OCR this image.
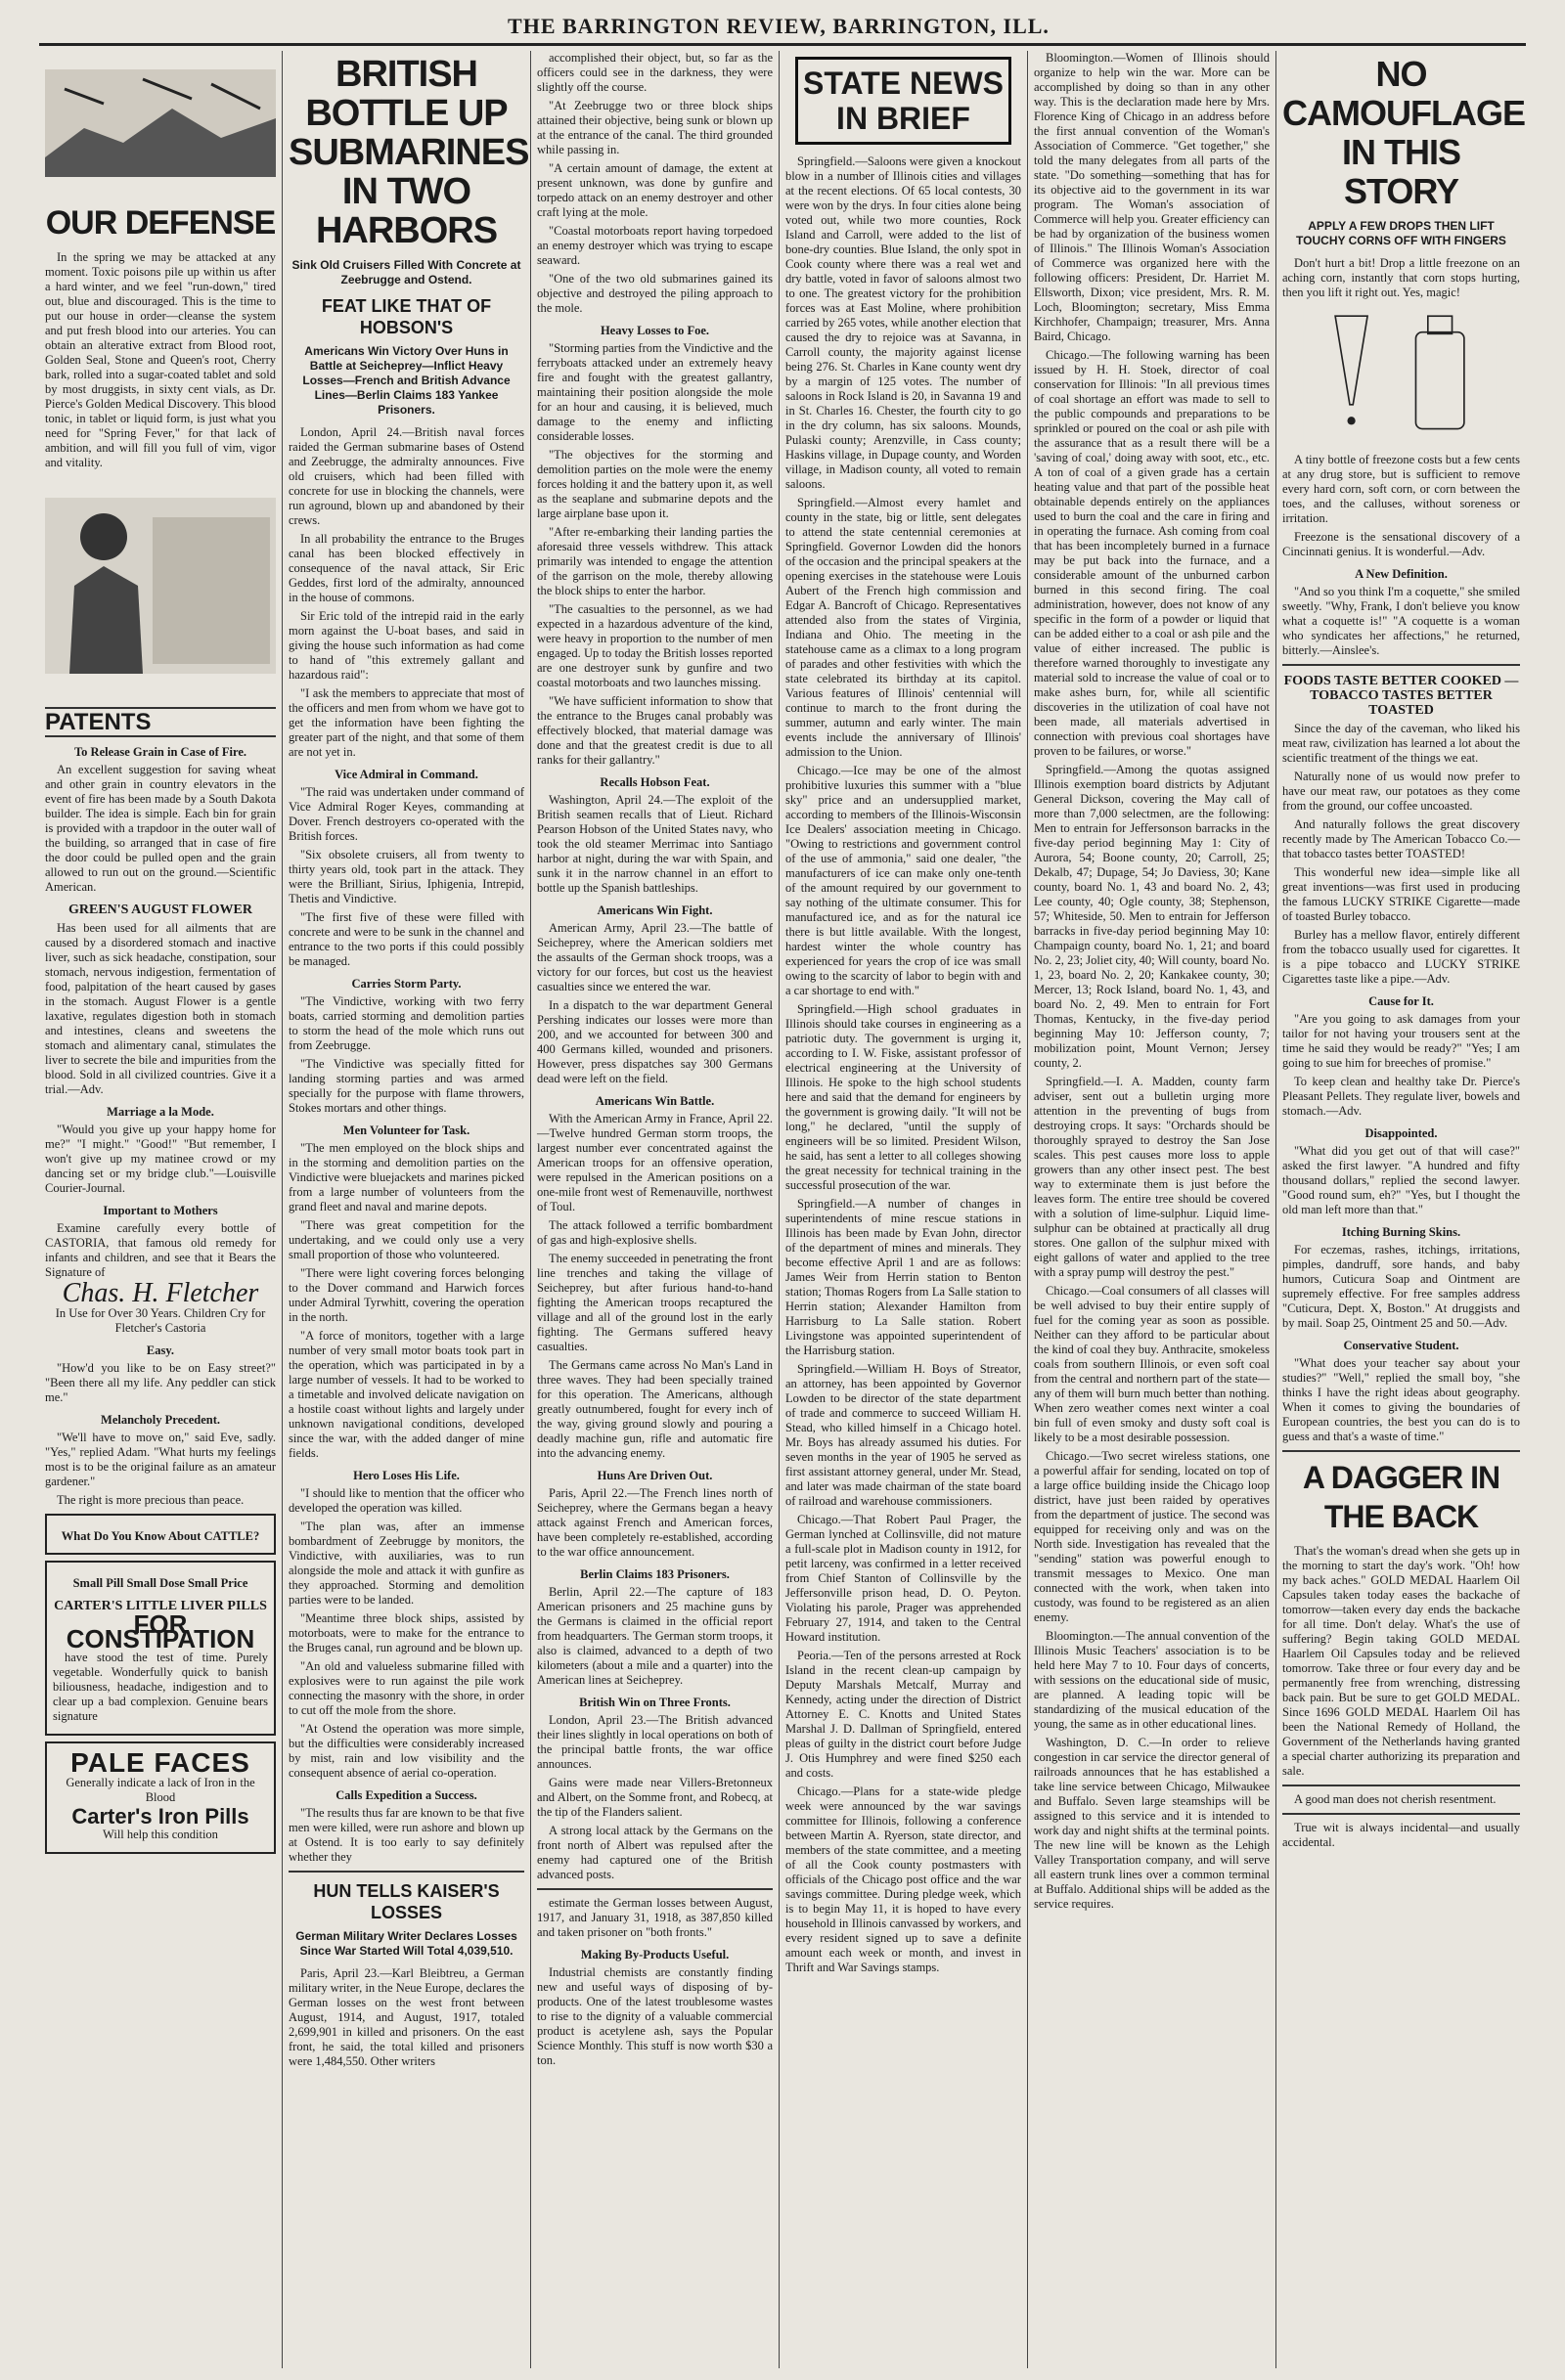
THE BARRINGTON REVIEW, BARRINGTON, ILL.
OUR DEFENSE

In the spring we may be attacked at any moment. Toxic poisons pile up within us after a hard winter, and we feel "run-down," tired out, blue and discouraged. This is the time to put our house in order—cleanse the system and put fresh blood into our arteries. You can obtain an alterative extract from Blood root, Golden Seal, Stone and Queen's root, Cherry bark, rolled into a sugar-coated tablet and sold by most druggists, in sixty cent vials, as Dr. Pierce's Golden Medical Discovery. This blood tonic, in tablet or liquid form, is just what you need for "Spring Fever," for that lack of ambition, and will fill you full of vim, vigor and vitality.

PATENTS
To Release Grain in Case of Fire.

An excellent suggestion for saving wheat and other grain in country elevators in the event of fire has been made by a South Dakota builder. The idea is simple. Each bin for grain is provided with a trapdoor in the outer wall of the building, so arranged that in case of fire the door could be pulled open and the grain allowed to run out on the ground.—Scientific American.

GREEN'S AUGUST FLOWER

Has been used for all ailments that are caused by a disordered stomach and inactive liver, such as sick headache, constipation, sour stomach, nervous indigestion, fermentation of food, palpitation of the heart caused by gases in the stomach. August Flower is a gentle laxative, regulates digestion both in stomach and intestines, cleans and sweetens the stomach and alimentary canal, stimulates the liver to secrete the bile and impurities from the blood. Sold in all civilized countries. Give it a trial.—Adv.

Marriage a la Mode.

"Would you give up your happy home for me?" "I might." "Good!" "But remember, I won't give up my matinee crowd or my dancing set or my bridge club."—Louisville Courier-Journal.

Important to Mothers

Examine carefully every bottle of CASTORIA, that famous old remedy for infants and children, and see that it Bears the Signature of

Chas. H. Fletcher

In Use for Over 30 Years. Children Cry for Fletcher's Castoria

Easy.

"How'd you like to be on Easy street?" "Been there all my life. Any peddler can stick me."

Melancholy Precedent.

"We'll have to move on," said Eve, sadly. "Yes," replied Adam. "What hurts my feelings most is to be the original failure as an amateur gardener."

The right is more precious than peace.

What Do You Know About CATTLE?
Small Pill Small Dose Small Price
CARTER'S LITTLE LIVER PILLS
FOR CONSTIPATION

have stood the test of time. Purely vegetable. Wonderfully quick to banish biliousness, headache, indigestion and to clear up a bad complexion. Genuine bears signature

PALE FACES

Generally indicate a lack of Iron in the Blood

Carter's Iron Pills

Will help this condition

BRITISH BOTTLE UP SUBMARINES IN TWO HARBORS
Sink Old Cruisers Filled With Concrete at Zeebrugge and Ostend.
FEAT LIKE THAT OF HOBSON'S
Americans Win Victory Over Huns in Battle at Seicheprey—Inflict Heavy Losses—French and British Advance Lines—Berlin Claims 183 Yankee Prisoners.

London, April 24.—British naval forces raided the German submarine bases of Ostend and Zeebrugge, the admiralty announces. Five old cruisers, which had been filled with concrete for use in blocking the channels, were run aground, blown up and abandoned by their crews.

In all probability the entrance to the Bruges canal has been blocked effectively in consequence of the naval attack, Sir Eric Geddes, first lord of the admiralty, announced in the house of commons.

Sir Eric told of the intrepid raid in the early morn against the U-boat bases, and said in giving the house such information as had come to hand of "this extremely gallant and hazardous raid":

"I ask the members to appreciate that most of the officers and men from whom we have got to get the information have been fighting the greater part of the night, and that some of them are not yet in.

Vice Admiral in Command.

"The raid was undertaken under command of Vice Admiral Roger Keyes, commanding at Dover. French destroyers co-operated with the British forces.

"Six obsolete cruisers, all from twenty to thirty years old, took part in the attack. They were the Brilliant, Sirius, Iphigenia, Intrepid, Thetis and Vindictive.

"The first five of these were filled with concrete and were to be sunk in the channel and entrance to the two ports if this could possibly be managed.

Carries Storm Party.

"The Vindictive, working with two ferry boats, carried storming and demolition parties to storm the head of the mole which runs out from Zeebrugge.

"The Vindictive was specially fitted for landing storming parties and was armed specially for the purpose with flame throwers, Stokes mortars and other things.

Men Volunteer for Task.

"The men employed on the block ships and in the storming and demolition parties on the Vindictive were bluejackets and marines picked from a large number of volunteers from the grand fleet and naval and marine depots.

"There was great competition for the undertaking, and we could only use a very small proportion of those who volunteered.

"There were light covering forces belonging to the Dover command and Harwich forces under Admiral Tyrwhitt, covering the operation in the north.

"A force of monitors, together with a large number of very small motor boats took part in the operation, which was participated in by a large number of vessels. It had to be worked to a timetable and involved delicate navigation on a hostile coast without lights and largely under unknown navigational conditions, developed since the war, with the added danger of mine fields.

Hero Loses His Life.

"I should like to mention that the officer who developed the operation was killed.

"The plan was, after an immense bombardment of Zeebrugge by monitors, the Vindictive, with auxiliaries, was to run alongside the mole and attack it with gunfire as they approached. Storming and demolition parties were to be landed.

"Meantime three block ships, assisted by motorboats, were to make for the entrance to the Bruges canal, run aground and be blown up.

"An old and valueless submarine filled with explosives were to run against the pile work connecting the masonry with the shore, in order to cut off the mole from the shore.

"At Ostend the operation was more simple, but the difficulties were considerably increased by mist, rain and low visibility and the consequent absence of aerial co-operation.

Calls Expedition a Success.

"The results thus far are known to be that five men were killed, were run ashore and blown up at Ostend. It is too early to say definitely whether they

HUN TELLS KAISER'S LOSSES
German Military Writer Declares Losses Since War Started Will Total 4,039,510.

Paris, April 23.—Karl Bleibtreu, a German military writer, in the Neue Europe, declares the German losses on the west front between August, 1914, and August, 1917, totaled 2,699,901 in killed and prisoners. On the east front, he said, the total killed and prisoners were 1,484,550. Other writers

accomplished their object, but, so far as the officers could see in the darkness, they were slightly off the course.

"At Zeebrugge two or three block ships attained their objective, being sunk or blown up at the entrance of the canal. The third grounded while passing in.

"A certain amount of damage, the extent at present unknown, was done by gunfire and torpedo attack on an enemy destroyer and other craft lying at the mole.

"Coastal motorboats report having torpedoed an enemy destroyer which was trying to escape seaward.

"One of the two old submarines gained its objective and destroyed the piling approach to the mole.

Heavy Losses to Foe.

"Storming parties from the Vindictive and the ferryboats attacked under an extremely heavy fire and fought with the greatest gallantry, maintaining their position alongside the mole for an hour and causing, it is believed, much damage to the enemy and inflicting considerable losses.

"The objectives for the storming and demolition parties on the mole were the enemy forces holding it and the battery upon it, as well as the seaplane and submarine depots and the large airplane base upon it.

"After re-embarking their landing parties the aforesaid three vessels withdrew. This attack primarily was intended to engage the attention of the garrison on the mole, thereby allowing the block ships to enter the harbor.

"The casualties to the personnel, as we had expected in a hazardous adventure of the kind, were heavy in proportion to the number of men engaged. Up to today the British losses reported are one destroyer sunk by gunfire and two coastal motorboats and two launches missing.

"We have sufficient information to show that the entrance to the Bruges canal probably was effectively blocked, that material damage was done and that the greatest credit is due to all ranks for their gallantry."

Recalls Hobson Feat.

Washington, April 24.—The exploit of the British seamen recalls that of Lieut. Richard Pearson Hobson of the United States navy, who took the old steamer Merrimac into Santiago harbor at night, during the war with Spain, and sunk it in the narrow channel in an effort to bottle up the Spanish battleships.

Americans Win Fight.

American Army, April 23.—The battle of Seicheprey, where the American soldiers met the assaults of the German shock troops, was a victory for our forces, but cost us the heaviest casualties since we entered the war.

In a dispatch to the war department General Pershing indicates our losses were more than 200, and we accounted for between 300 and 400 Germans killed, wounded and prisoners. However, press dispatches say 300 Germans dead were left on the field.

Americans Win Battle.

With the American Army in France, April 22.—Twelve hundred German storm troops, the largest number ever concentrated against the American troops for an offensive operation, were repulsed in the American positions on a one-mile front west of Remenauville, northwest of Toul.

The attack followed a terrific bombardment of gas and high-explosive shells.

The enemy succeeded in penetrating the front line trenches and taking the village of Seicheprey, but after furious hand-to-hand fighting the American troops recaptured the village and all of the ground lost in the early fighting. The Germans suffered heavy casualties.

The Germans came across No Man's Land in three waves. They had been specially trained for this operation. The Americans, although greatly outnumbered, fought for every inch of the way, giving ground slowly and pouring a deadly machine gun, rifle and automatic fire into the advancing enemy.

Huns Are Driven Out.

Paris, April 22.—The French lines north of Seicheprey, where the Germans began a heavy attack against French and American forces, have been completely re-established, according to the war office announcement.

Berlin Claims 183 Prisoners.

Berlin, April 22.—The capture of 183 American prisoners and 25 machine guns by the Germans is claimed in the official report from headquarters. The German storm troops, it also is claimed, advanced to a depth of two kilometers (about a mile and a quarter) into the American lines at Seicheprey.

British Win on Three Fronts.

London, April 23.—The British advanced their lines slightly in local operations on both of the principal battle fronts, the war office announces.

Gains were made near Villers-Bretonneux and Albert, on the Somme front, and Robecq, at the tip of the Flanders salient.

A strong local attack by the Germans on the front north of Albert was repulsed after the enemy had captured one of the British advanced posts.

estimate the German losses between August, 1917, and January 31, 1918, as 387,850 killed and taken prisoner on "both fronts."

Making By-Products Useful.

Industrial chemists are constantly finding new and useful ways of disposing of by-products. One of the latest troublesome wastes to rise to the dignity of a valuable commercial product is acetylene ash, says the Popular Science Monthly. This stuff is now worth $30 a ton.

STATE NEWS IN BRIEF

Springfield.—Saloons were given a knockout blow in a number of Illinois cities and villages at the recent elections. Of 65 local contests, 30 were won by the drys. In four cities alone being voted out, while two more counties, Rock Island and Carroll, were added to the list of bone-dry counties. Blue Island, the only spot in Cook county where there was a real wet and dry battle, voted in favor of saloons almost two to one. The greatest victory for the prohibition forces was at East Moline, where prohibition carried by 265 votes, while another election that caused the dry to rejoice was at Savanna, in Carroll county, the majority against license being 276. St. Charles in Kane county went dry by a margin of 125 votes. The number of saloons in Rock Island is 20, in Savanna 19 and in St. Charles 16. Chester, the fourth city to go in the dry column, has six saloons. Mounds, Pulaski county; Arenzville, in Cass county; Haskins village, in Dupage county, and Worden village, in Madison county, all voted to remain saloons.

Springfield.—Almost every hamlet and county in the state, big or little, sent delegates to attend the state centennial ceremonies at Springfield. Governor Lowden did the honors of the occasion and the principal speakers at the opening exercises in the statehouse were Louis Aubert of the French high commission and Edgar A. Bancroft of Chicago. Representatives attended also from the states of Virginia, Indiana and Ohio. The meeting in the statehouse came as a climax to a long program of parades and other festivities with which the state celebrated its birthday at its capitol. Various features of Illinois' centennial will continue to march to the front during the summer, autumn and early winter. The main events include the anniversary of Illinois' admission to the Union.

Chicago.—Ice may be one of the almost prohibitive luxuries this summer with a "blue sky" price and an undersupplied market, according to members of the Illinois-Wisconsin Ice Dealers' association meeting in Chicago. "Owing to restrictions and government control of the use of ammonia," said one dealer, "the manufacturers of ice can make only one-tenth of the amount required by our government to say nothing of the ultimate consumer. This for manufactured ice, and as for the natural ice there is but little available. With the longest, hardest winter the whole country has experienced for years the crop of ice was small owing to the scarcity of labor to begin with and a car shortage to end with."

Springfield.—High school graduates in Illinois should take courses in engineering as a patriotic duty. The government is urging it, according to I. W. Fiske, assistant professor of electrical engineering at the University of Illinois. He spoke to the high school students here and said that the demand for engineers by the government is growing daily. "It will not be long," he declared, "until the supply of engineers will be so limited. President Wilson, he said, has sent a letter to all colleges showing the great necessity for technical training in the successful prosecution of the war.

Springfield.—A number of changes in superintendents of mine rescue stations in Illinois has been made by Evan John, director of the department of mines and minerals. They become effective April 1 and are as follows: James Weir from Herrin station to Benton station; Thomas Rogers from La Salle station to Herrin station; Alexander Hamilton from Harrisburg to La Salle station. Robert Livingstone was appointed superintendent of the Harrisburg station.

Springfield.—William H. Boys of Streator, an attorney, has been appointed by Governor Lowden to be director of the state department of trade and commerce to succeed William H. Stead, who killed himself in a Chicago hotel. Mr. Boys has already assumed his duties. For seven months in the year of 1905 he served as first assistant attorney general, under Mr. Stead, and later was made chairman of the state board of railroad and warehouse commissioners.

Chicago.—That Robert Paul Prager, the German lynched at Collinsville, did not mature a full-scale plot in Madison county in 1912, for petit larceny, was confirmed in a letter received from Chief Stanton of Collinsville by the Jeffersonville prison head, D. O. Peyton. Violating his parole, Prager was apprehended February 27, 1914, and taken to the Central Howard institution.

Peoria.—Ten of the persons arrested at Rock Island in the recent clean-up campaign by Deputy Marshals Metcalf, Murray and Kennedy, acting under the direction of District Attorney E. C. Knotts and United States Marshal J. D. Dallman of Springfield, entered pleas of guilty in the district court before Judge J. Otis Humphrey and were fined $250 each and costs.

Chicago.—Plans for a state-wide pledge week were announced by the war savings committee for Illinois, following a conference between Martin A. Ryerson, state director, and members of the state committee, and a meeting of all the Cook county postmasters with officials of the Chicago post office and the war savings committee. During pledge week, which is to begin May 11, it is hoped to have every household in Illinois canvassed by workers, and every resident signed up to save a definite amount each week or month, and invest in Thrift and War Savings stamps.

Bloomington.—Women of Illinois should organize to help win the war. More can be accomplished by doing so than in any other way. This is the declaration made here by Mrs. Florence King of Chicago in an address before the first annual convention of the Woman's Association of Commerce. "Get together," she told the many delegates from all parts of the state. "Do something—something that has for its objective aid to the government in its war program. The Woman's association of Commerce will help you. Greater efficiency can be had by organization of the business women of Illinois." The Illinois Woman's Association of Commerce was organized here with the following officers: President, Dr. Harriet M. Ellsworth, Dixon; vice president, Mrs. R. M. Loch, Bloomington; secretary, Miss Emma Kirchhofer, Champaign; treasurer, Mrs. Anna Baird, Chicago.

Chicago.—The following warning has been issued by H. H. Stoek, director of coal conservation for Illinois: "In all previous times of coal shortage an effort was made to sell to the public compounds and preparations to be sprinkled or poured on the coal or ash pile with the assurance that as a result there will be a 'saving of coal,' doing away with soot, etc., etc. A ton of coal of a given grade has a certain heating value and that part of the possible heat obtainable depends entirely on the appliances used to burn the coal and the care in firing and in operating the furnace. Ash coming from coal that has been incompletely burned in a furnace may be put back into the furnace, and a considerable amount of the unburned carbon burned in this second firing. The coal administration, however, does not know of any specific in the form of a powder or liquid that can be added either to a coal or ash pile and the value of either increased. The public is therefore warned thoroughly to investigate any material sold to increase the value of coal or to make ashes burn, for, while all scientific discoveries in the utilization of coal have not been made, all materials advertised in connection with previous coal shortages have proven to be failures, or worse."

Springfield.—Among the quotas assigned Illinois exemption board districts by Adjutant General Dickson, covering the May call of more than 7,000 selectmen, are the following: Men to entrain for Jeffersonson barracks in the five-day period beginning May 1: City of Aurora, 54; Boone county, 20; Carroll, 25; Dekalb, 47; Dupage, 54; Jo Daviess, 30; Kane county, board No. 1, 43 and board No. 2, 43; Lee county, 40; Ogle county, 38; Stephenson, 57; Whiteside, 50. Men to entrain for Jefferson barracks in five-day period beginning May 10: Champaign county, board No. 1, 21; and board No. 2, 23; Joliet city, 40; Will county, board No. 1, 23, board No. 2, 20; Kankakee county, 30; Mercer, 13; Rock Island, board No. 1, 43, and board No. 2, 49. Men to entrain for Fort Thomas, Kentucky, in the five-day period beginning May 10: Jefferson county, 7; mobilization point, Mount Vernon; Jersey county, 2.

Springfield.—I. A. Madden, county farm adviser, sent out a bulletin urging more attention in the preventing of bugs from destroying crops. It says: "Orchards should be thoroughly sprayed to destroy the San Jose scales. This pest causes more loss to apple growers than any other insect pest. The best way to exterminate them is just before the leaves form. The entire tree should be covered with a solution of lime-sulphur. Liquid lime-sulphur can be obtained at practically all drug stores. One gallon of the sulphur mixed with eight gallons of water and applied to the tree with a spray pump will destroy the pest."

Chicago.—Coal consumers of all classes will be well advised to buy their entire supply of fuel for the coming year as soon as possible. Neither can they afford to be particular about the kind of coal they buy. Anthracite, smokeless coals from southern Illinois, or even soft coal from the central and northern part of the state—any of them will burn much better than nothing. When zero weather comes next winter a coal bin full of even smoky and dusty soft coal is likely to be a most desirable possession.

Chicago.—Two secret wireless stations, one a powerful affair for sending, located on top of a large office building inside the Chicago loop district, have just been raided by operatives from the department of justice. The second was equipped for receiving only and was on the North side. Investigation has revealed that the "sending" station was powerful enough to transmit messages to Mexico. One man connected with the work, when taken into custody, was found to be registered as an alien enemy.

Bloomington.—The annual convention of the Illinois Music Teachers' association is to be held here May 7 to 10. Four days of concerts, with sessions on the educational side of music, are planned. A leading topic will be standardizing of the musical education of the young, the same as in other educational lines.

Washington, D. C.—In order to relieve congestion in car service the director general of railroads announces that he has established a take line service between Chicago, Milwaukee and Buffalo. Seven large steamships will be assigned to this service and it is intended to work day and night shifts at the terminal points. The new line will be known as the Lehigh Valley Transportation company, and will serve all eastern trunk lines over a common terminal at Buffalo. Additional ships will be added as the service requires.

NO CAMOUFLAGE IN THIS STORY
APPLY A FEW DROPS THEN LIFT TOUCHY CORNS OFF WITH FINGERS

Don't hurt a bit! Drop a little freezone on an aching corn, instantly that corn stops hurting, then you lift it right out. Yes, magic!

A tiny bottle of freezone costs but a few cents at any drug store, but is sufficient to remove every hard corn, soft corn, or corn between the toes, and the calluses, without soreness or irritation.

Freezone is the sensational discovery of a Cincinnati genius. It is wonderful.—Adv.

A New Definition.

"And so you think I'm a coquette," she smiled sweetly. "Why, Frank, I don't believe you know what a coquette is!" "A coquette is a woman who syndicates her affections," he returned, bitterly.—Ainslee's.

FOODS TASTE BETTER COOKED —TOBACCO TASTES BETTER TOASTED

Since the day of the caveman, who liked his meat raw, civilization has learned a lot about the scientific treatment of the things we eat.

Naturally none of us would now prefer to have our meat raw, our potatoes as they come from the ground, our coffee uncoasted.

And naturally follows the great discovery recently made by The American Tobacco Co.—that tobacco tastes better TOASTED!

This wonderful new idea—simple like all great inventions—was first used in producing the famous LUCKY STRIKE Cigarette—made of toasted Burley tobacco.

Burley has a mellow flavor, entirely different from the tobacco usually used for cigarettes. It is a pipe tobacco and LUCKY STRIKE Cigarettes taste like a pipe.—Adv.

Cause for It.

"Are you going to ask damages from your tailor for not having your trousers sent at the time he said they would be ready?" "Yes; I am going to sue him for breeches of promise."

To keep clean and healthy take Dr. Pierce's Pleasant Pellets. They regulate liver, bowels and stomach.—Adv.

Disappointed.

"What did you get out of that will case?" asked the first lawyer. "A hundred and fifty thousand dollars," replied the second lawyer. "Good round sum, eh?" "Yes, but I thought the old man left more than that."

Itching Burning Skins.

For eczemas, rashes, itchings, irritations, pimples, dandruff, sore hands, and baby humors, Cuticura Soap and Ointment are supremely effective. For free samples address "Cuticura, Dept. X, Boston." At druggists and by mail. Soap 25, Ointment 25 and 50.—Adv.

Conservative Student.

"What does your teacher say about your studies?" "Well," replied the small boy, "she thinks I have the right ideas about geography. When it comes to giving the boundaries of European countries, the best you can do is to guess and that's a waste of time."

A DAGGER IN THE BACK

That's the woman's dread when she gets up in the morning to start the day's work. "Oh! how my back aches." GOLD MEDAL Haarlem Oil Capsules taken today eases the backache of tomorrow—taken every day ends the backache for all time. Don't delay. What's the use of suffering? Begin taking GOLD MEDAL Haarlem Oil Capsules today and be relieved tomorrow. Take three or four every day and be permanently free from wrenching, distressing back pain. But be sure to get GOLD MEDAL. Since 1696 GOLD MEDAL Haarlem Oil has been the National Remedy of Holland, the Government of the Netherlands having granted a special charter authorizing its preparation and sale.

A good man does not cherish resentment.

True wit is always incidental—and usually accidental.
